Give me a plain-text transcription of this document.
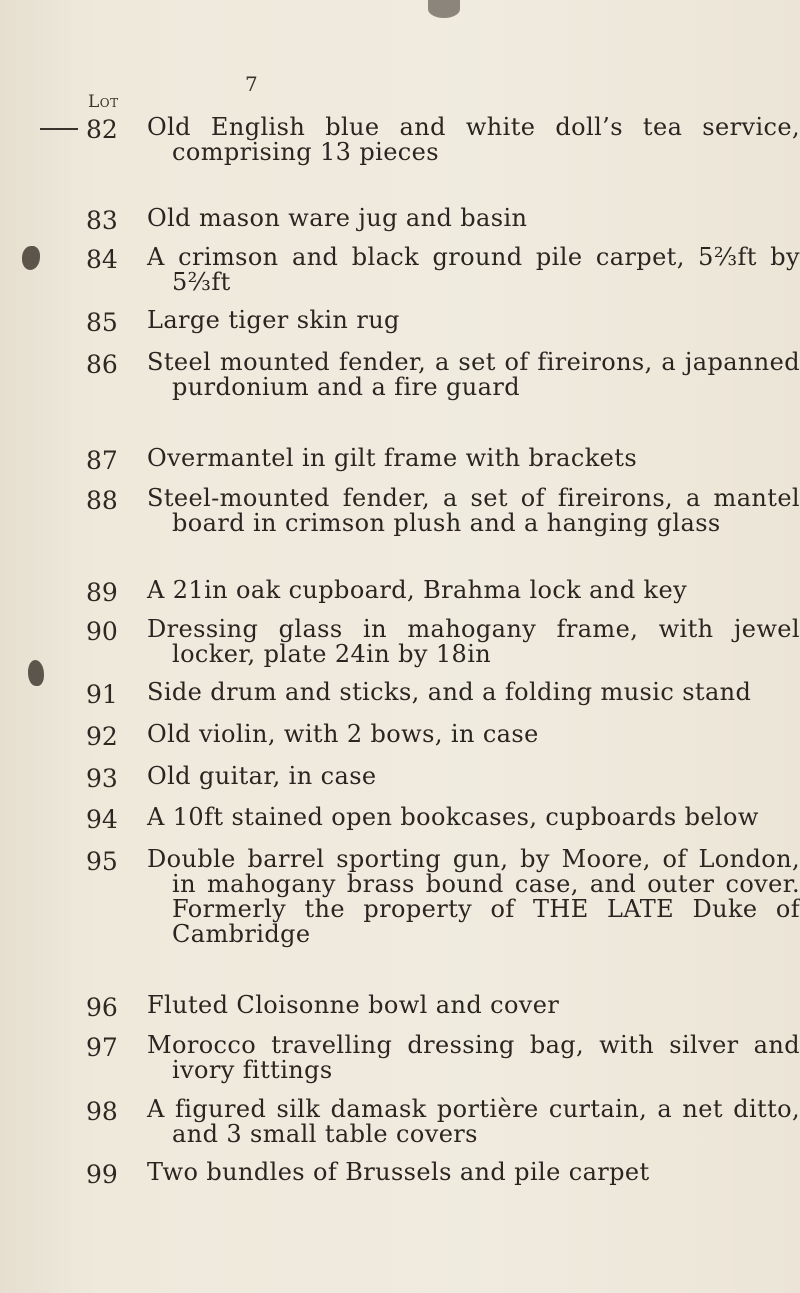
7
Lot
82 Old English blue and white doll’s tea service, comprising 13 pieces
83 Old mason ware jug and basin
84 A crimson and black ground pile carpet, 5⅔ft by 5⅔ft
85 Large tiger skin rug
86 Steel mounted fender, a set of fireirons, a japanned purdonium and a fire guard
87 Overmantel in gilt frame with brackets
88 Steel-mounted fender, a set of fireirons, a mantel board in crimson plush and a hanging glass
89 A 21in oak cupboard, Brahma lock and key
90 Dressing glass in mahogany frame, with jewel locker, plate 24in by 18in
91 Side drum and sticks, and a folding music stand
92 Old violin, with 2 bows, in case
93 Old guitar, in case
94 A 10ft stained open bookcases, cupboards below
95 Double barrel sporting gun, by Moore, of London, in mahogany brass bound case, and outer cover. Formerly the property of THE LATE Duke of Cambridge
96 Fluted Cloisonne bowl and cover
97 Morocco travelling dressing bag, with silver and ivory fittings
98 A figured silk damask portière curtain, a net ditto, and 3 small table covers
99 Two bundles of Brussels and pile carpet
